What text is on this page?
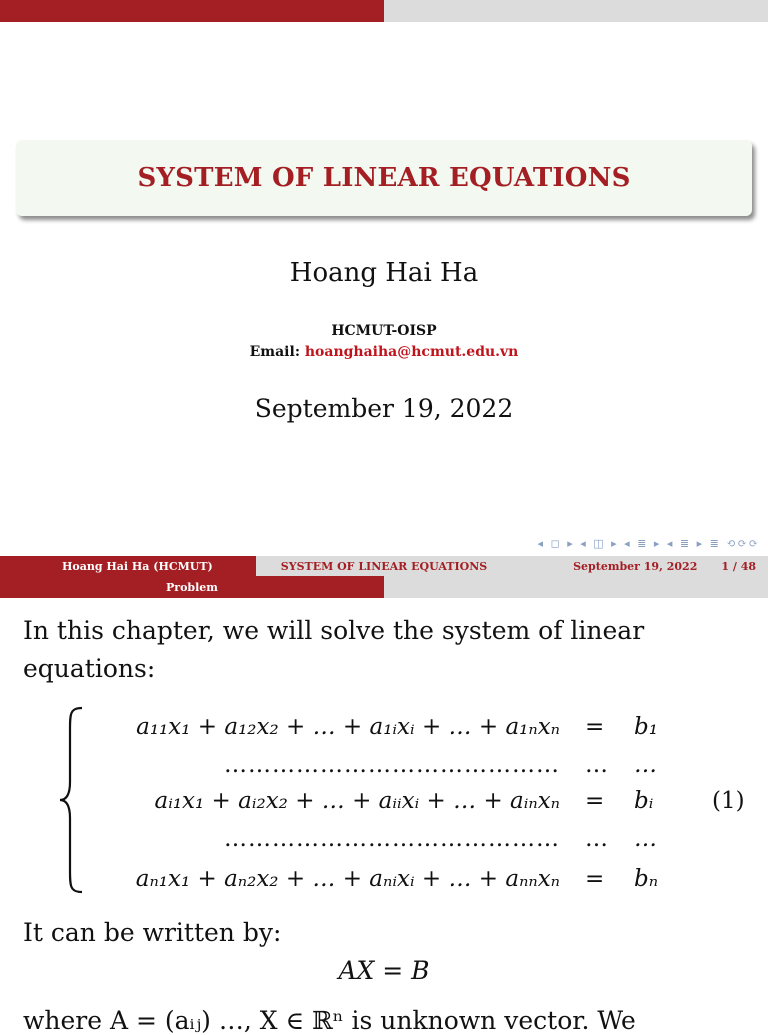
SYSTEM OF LINEAR EQUATIONS
Hoang Hai Ha
HCMUT-OISP
Email: hoanghaiha@hcmut.edu.vn
September 19, 2022
◂ ◻ ▸ ◂ ◫ ▸ ◂ ≣ ▸ ◂ ≣ ▸ ≣ ⟲⟳⟳
Hoang Hai Ha (HCMUT)	SYSTEM OF LINEAR EQUATIONS	September 19, 2022 1 / 48
Problem
In this chapter, we will solve the system of linear equations:
a₁₁x₁ + a₁₂x₂ + … + a₁ᵢxᵢ + … + a₁ₙxₙ = b₁
…………………………………… … …
aᵢ₁x₁ + aᵢ₂x₂ + … + aᵢᵢxᵢ + … + aᵢₙxₙ = bᵢ	(1)
…………………………………… … …
aₙ₁x₁ + aₙ₂x₂ + … + aₙᵢxᵢ + … + aₙₙxₙ = bₙ
It can be written by:
AX = B
where A = (aᵢⱼ) …, X ∈ ℝⁿ is unknown vector. We
